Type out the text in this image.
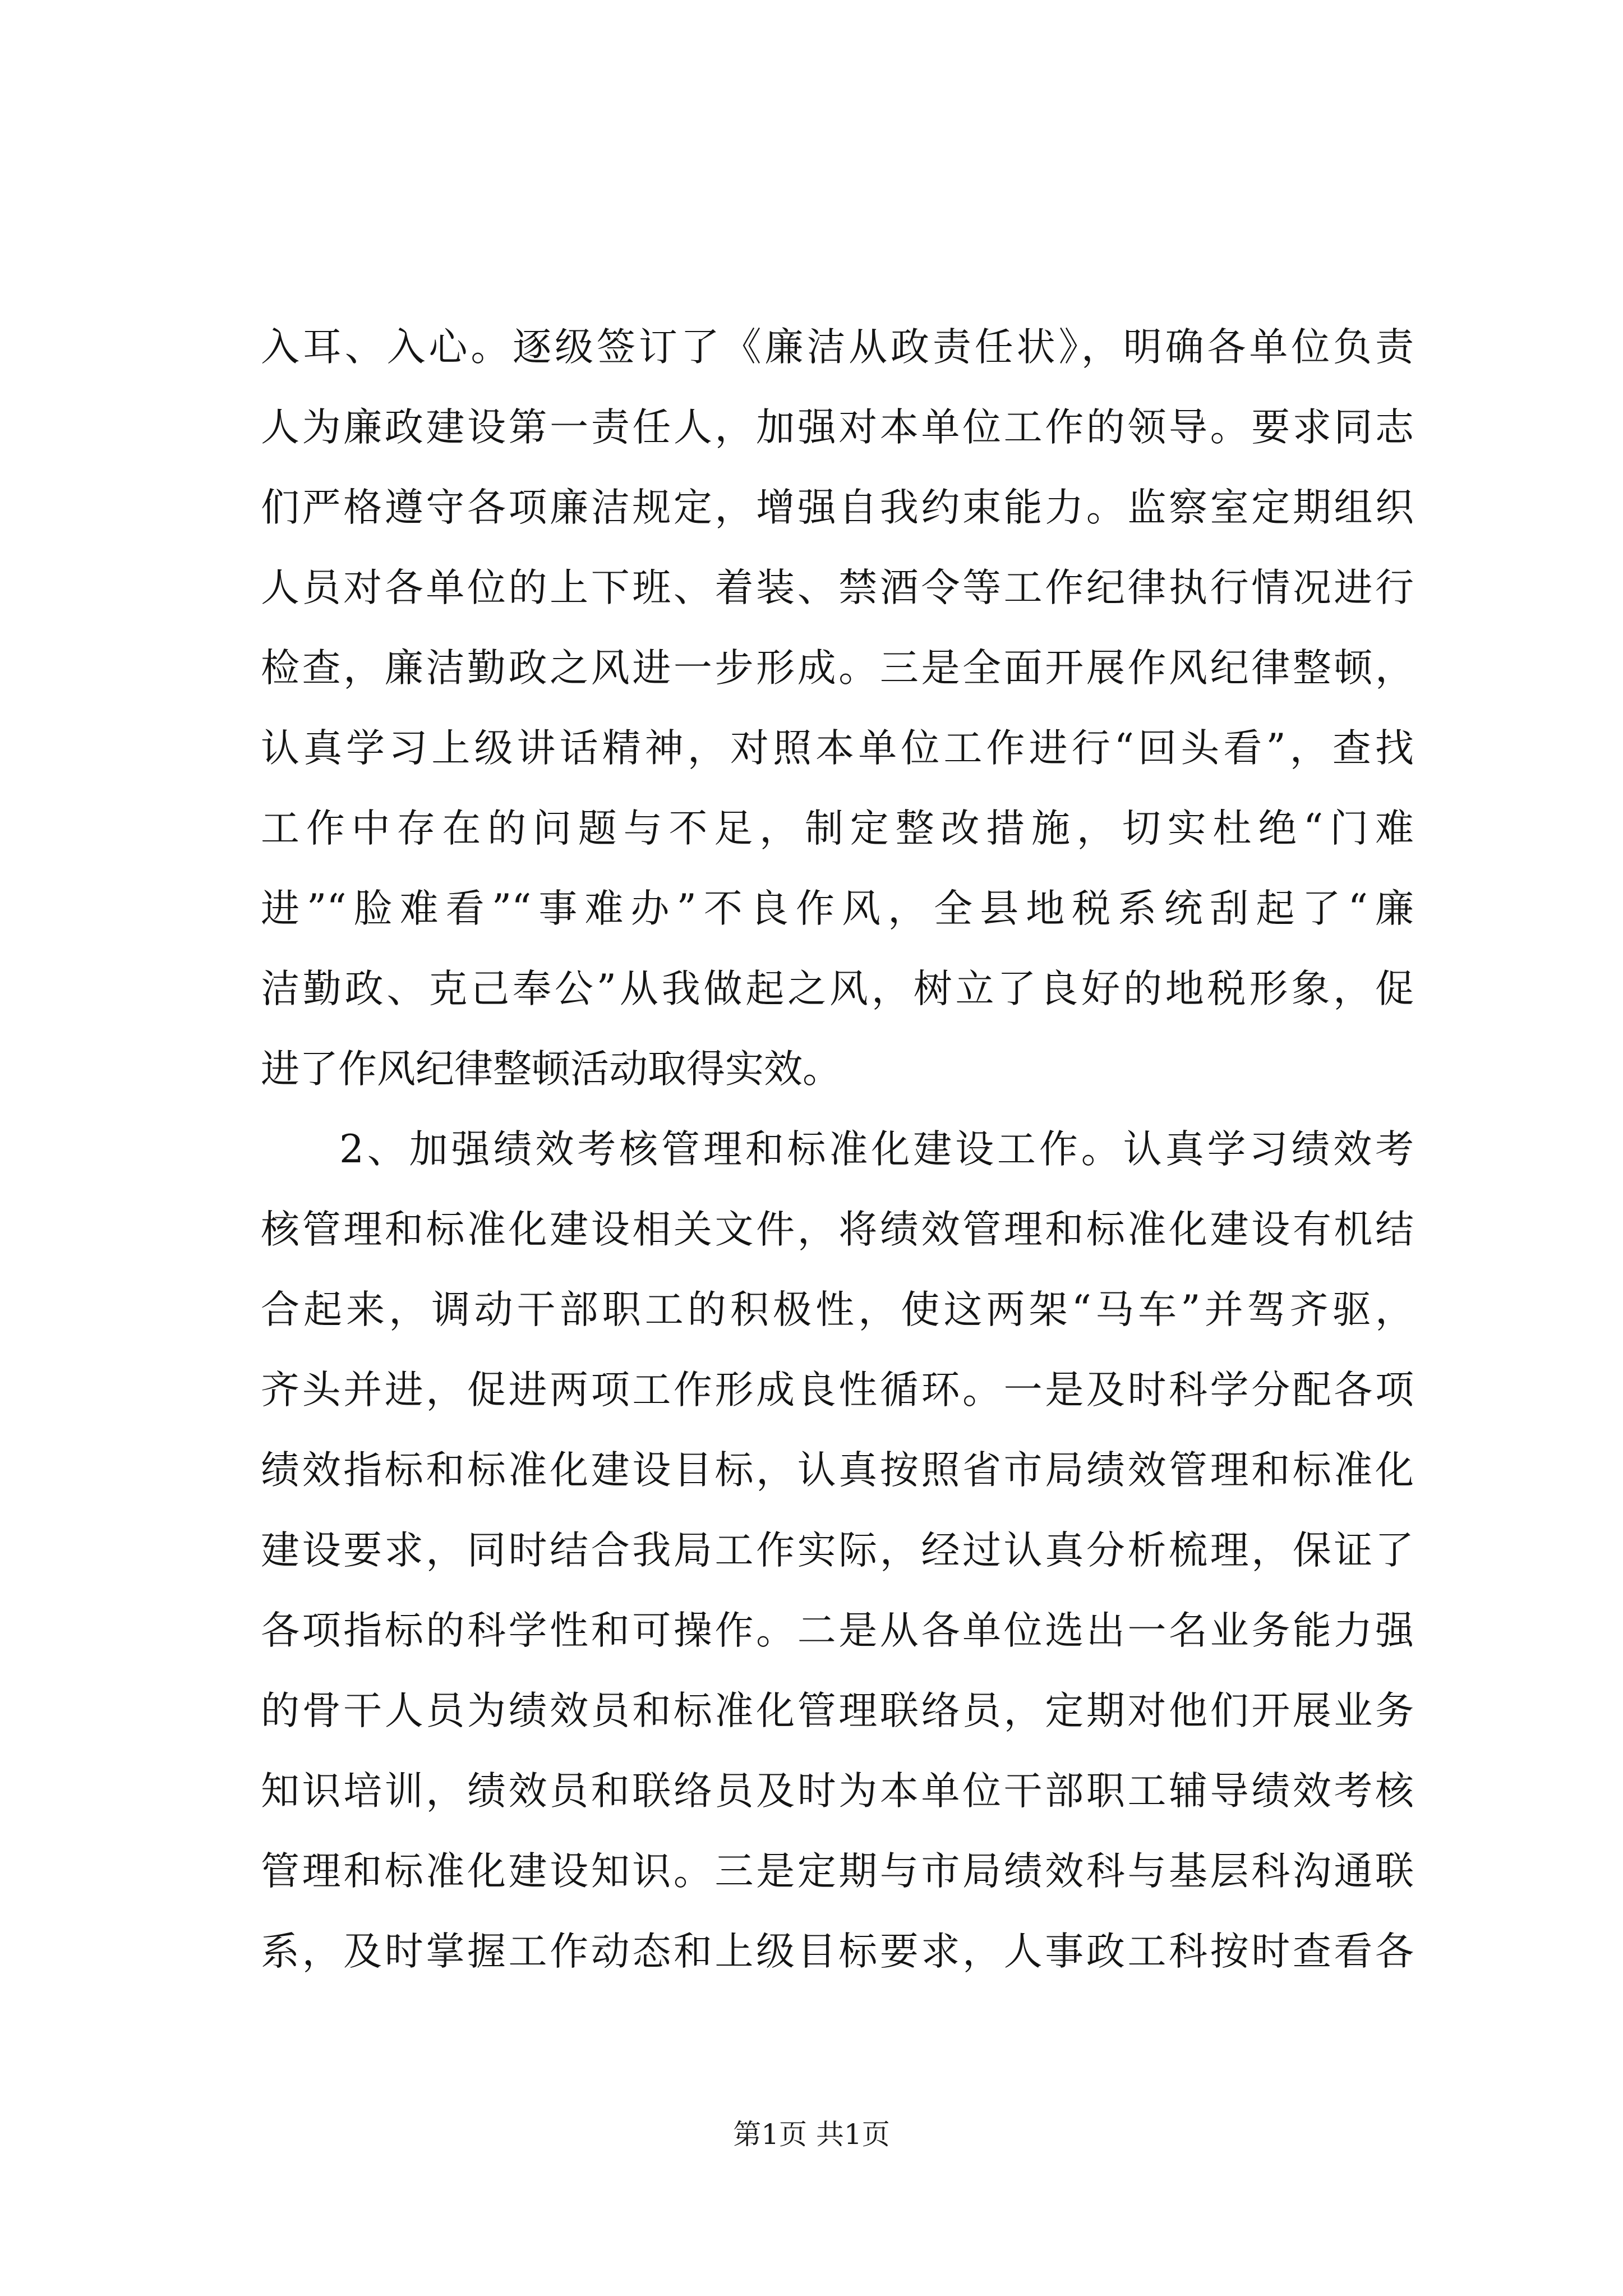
入耳、入心。逐级签订了《廉洁从政责任状》，明确各单位负责
人为廉政建设第一责任人，加强对本单位工作的领导。要求同志
们严格遵守各项廉洁规定，增强自我约束能力。监察室定期组织
人员对各单位的上下班、着装、禁酒令等工作纪律执行情况进行
检查，廉洁勤政之风进一步形成。三是全面开展作风纪律整顿，
认真学习上级讲话精神，对照本单位工作进行“回头看”，查找
工作中存在的问题与不足，制定整改措施，切实杜绝“门难
进”“脸难看”“事难办”不良作风，全县地税系统刮起了“廉
洁勤政、克己奉公”从我做起之风，树立了良好的地税形象，促
进了作风纪律整顿活动取得实效。
2、加强绩效考核管理和标准化建设工作。认真学习绩效考
核管理和标准化建设相关文件，将绩效管理和标准化建设有机结
合起来，调动干部职工的积极性，使这两架“马车”并驾齐驱，
齐头并进，促进两项工作形成良性循环。一是及时科学分配各项
绩效指标和标准化建设目标，认真按照省市局绩效管理和标准化
建设要求，同时结合我局工作实际，经过认真分析梳理，保证了
各项指标的科学性和可操作。二是从各单位选出一名业务能力强
的骨干人员为绩效员和标准化管理联络员，定期对他们开展业务
知识培训，绩效员和联络员及时为本单位干部职工辅导绩效考核
管理和标准化建设知识。三是定期与市局绩效科与基层科沟通联
系，及时掌握工作动态和上级目标要求，人事政工科按时查看各
第1页 共1页
